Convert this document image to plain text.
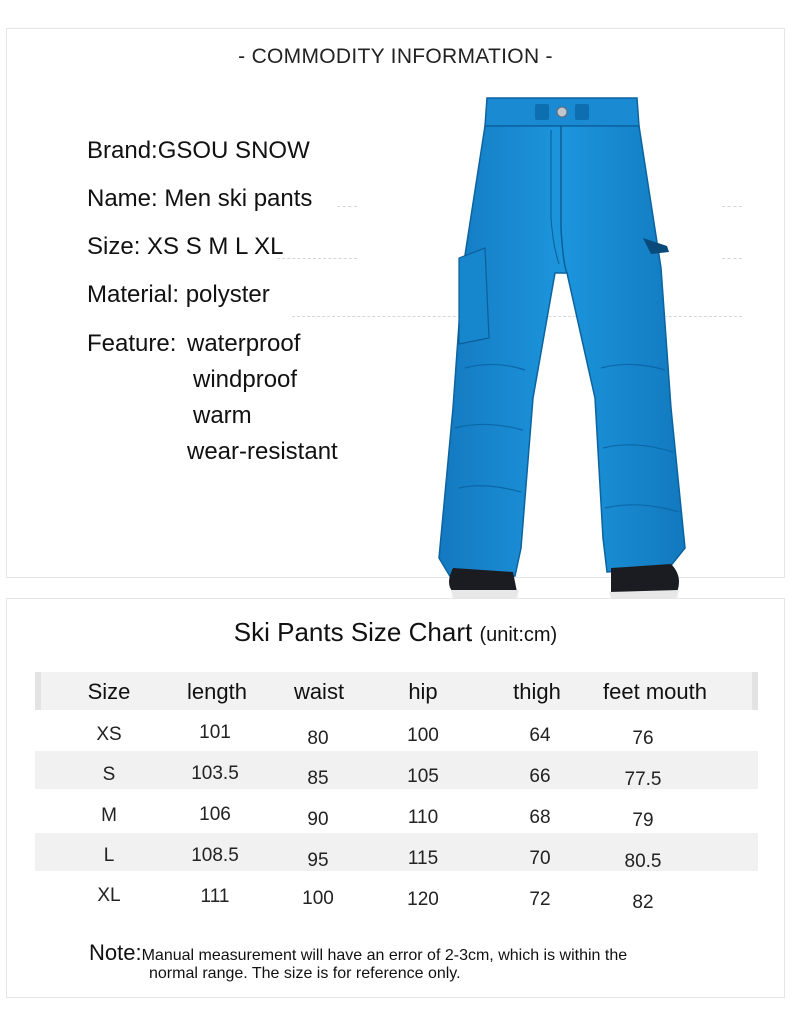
- COMMODITY INFORMATION -
Brand:GSOU SNOW
Name: Men ski pants
Size: XS S M L XL
Material: polyster
Feature: waterproof
windproof
warm
wear-resistant
Ski Pants Size Chart (unit:cm)
Size	length	waist	hip	thigh	feet mouth
XS	101	80	100	64	76
S	103.5	85	105	66	77.5
M	106	90	110	68	79
L	108.5	95	115	70	80.5
XL	111	100	120	72	82
Note:Manual measurement will have an error of 2-3cm, which is within the
normal range. The size is for reference only.
